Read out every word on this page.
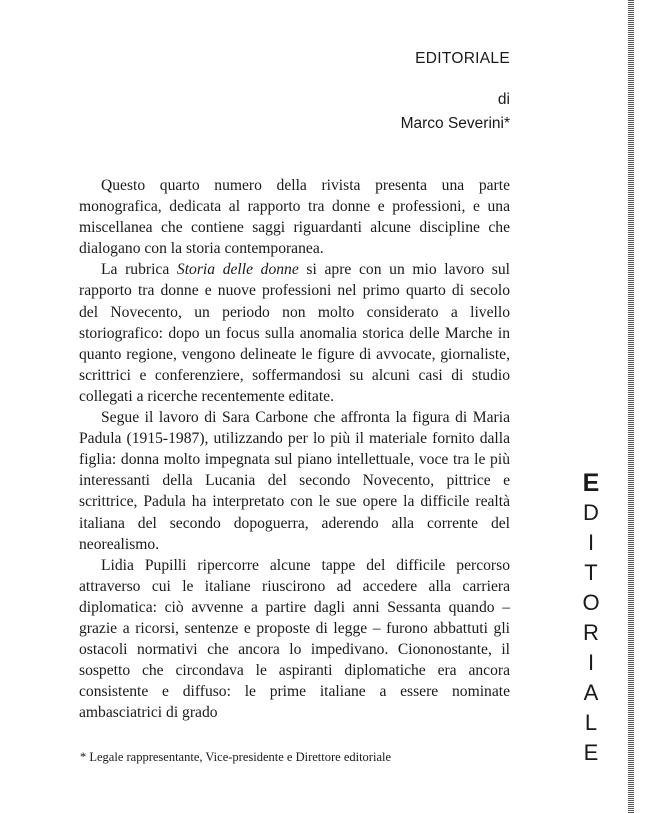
EDITORIALE
di
Marco Severini*

Questo quarto numero della rivista presenta una parte monografica, dedicata al rapporto tra donne e professioni, e una miscellanea che contiene saggi riguardanti alcune discipline che dialogano con la storia contemporanea.

La rubrica Storia delle donne si apre con un mio lavoro sul rapporto tra donne e nuove professioni nel primo quarto di secolo del Novecento, un periodo non molto considerato a livello storiografico: dopo un focus sulla anomalia storica delle Marche in quanto regione, vengono delineate le figure di avvocate, giornaliste, scrittrici e conferenziere, soffermandosi su alcuni casi di studio collegati a ricerche recentemente editate.

Segue il lavoro di Sara Carbone che affronta la figura di Maria Padula (1915-1987), utilizzando per lo più il materiale fornito dalla figlia: donna molto impegnata sul piano intellettuale, voce tra le più interessanti della Lucania del secondo Novecento, pittrice e scrittrice, Padula ha interpretato con le sue opere la difficile realtà italiana del secondo dopoguerra, aderendo alla corrente del neorealismo.

Lidia Pupilli ripercorre alcune tappe del difficile percorso attraverso cui le italiane riuscirono ad accedere alla carriera diplomatica: ciò avvenne a partire dagli anni Sessanta quando – grazie a ricorsi, sentenze e proposte di legge – furono abbattuti gli ostacoli normativi che ancora lo impedivano. Ciononostante, il sospetto che circondava le aspiranti diplomatiche era ancora consistente e diffuso: le prime italiane a essere nominate ambasciatrici di grado

* Legale rappresentante, Vice-presidente e Direttore editoriale
E
D
I
T
O
R
I
A
L
E
